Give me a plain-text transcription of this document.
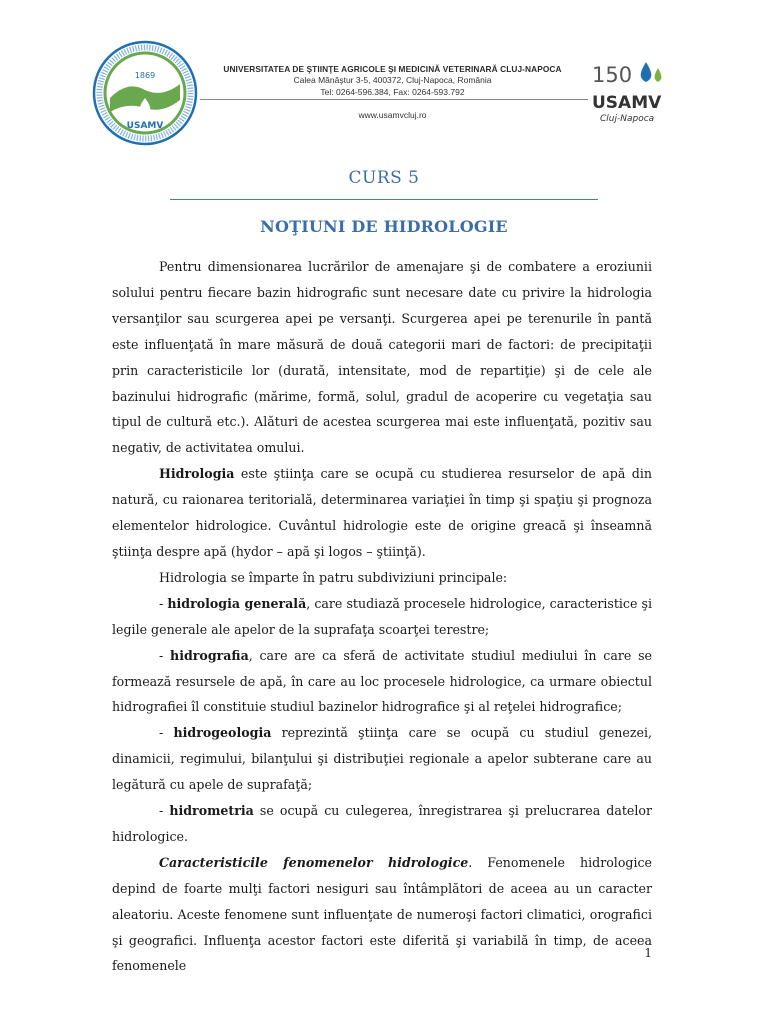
1869
USAMV
UNIVERSITATEA DE ŞTIINŢE AGRICOLE ŞI MEDICINĂ VETERINARĂ CLUJ-NAPOCA
Calea Mănăştur 3-5, 400372, Cluj-Napoca, România
Tel: 0264-596.384, Fax: 0264-593.792
www.usamvcluj.ro
150
USAMV
Cluj-Napoca
CURS 5
NOŢIUNI DE HIDROLOGIE

Pentru dimensionarea lucrărilor de amenajare şi de combatere a eroziunii solului pentru fiecare bazin hidrografic sunt necesare date cu privire la hidrologia versanţilor sau scurgerea apei pe versanţi. Scurgerea apei pe terenurile în pantă este influenţată în mare măsură de două categorii mari de factori: de precipitaţii prin caracteristicile lor (durată, intensitate, mod de repartiţie) şi de cele ale bazinului hidrografic (mărime, formă, solul, gradul de acoperire cu vegetaţia sau tipul de cultură etc.). Alături de acestea scurgerea mai este influenţată, pozitiv sau negativ, de activitatea omului.

Hidrologia este ştiinţa care se ocupă cu studierea resurselor de apă din natură, cu raionarea teritorială, determinarea variaţiei în timp şi spaţiu şi prognoza elementelor hidrologice. Cuvântul hidrologie este de origine greacă şi înseamnă ştiinţa despre apă (hydor – apă şi logos – ştiinţă).

Hidrologia se împarte în patru subdiviziuni principale:

- hidrologia generală, care studiază procesele hidrologice, caracteristice şi legile generale ale apelor de la suprafaţa scoarţei terestre;

- hidrografia, care are ca sferă de activitate studiul mediului în care se formează resursele de apă, în care au loc procesele hidrologice, ca urmare obiectul hidrografiei îl constituie studiul bazinelor hidrografice şi al reţelei hidrografice;

- hidrogeologia reprezintă ştiinţa care se ocupă cu studiul genezei, dinamicii, regimului, bilanţului şi distribuţiei regionale a apelor subterane care au legătură cu apele de suprafaţă;

- hidrometria se ocupă cu culegerea, înregistrarea şi prelucrarea datelor hidrologice.

Caracteristicile fenomenelor hidrologice. Fenomenele hidrologice depind de foarte mulţi factori nesiguri sau întâmplători de aceea au un caracter aleatoriu. Aceste fenomene sunt influenţate de numeroşi factori climatici, orografici şi geografici. Influenţa acestor factori este diferită şi variabilă în timp, de aceea fenomenele

1
